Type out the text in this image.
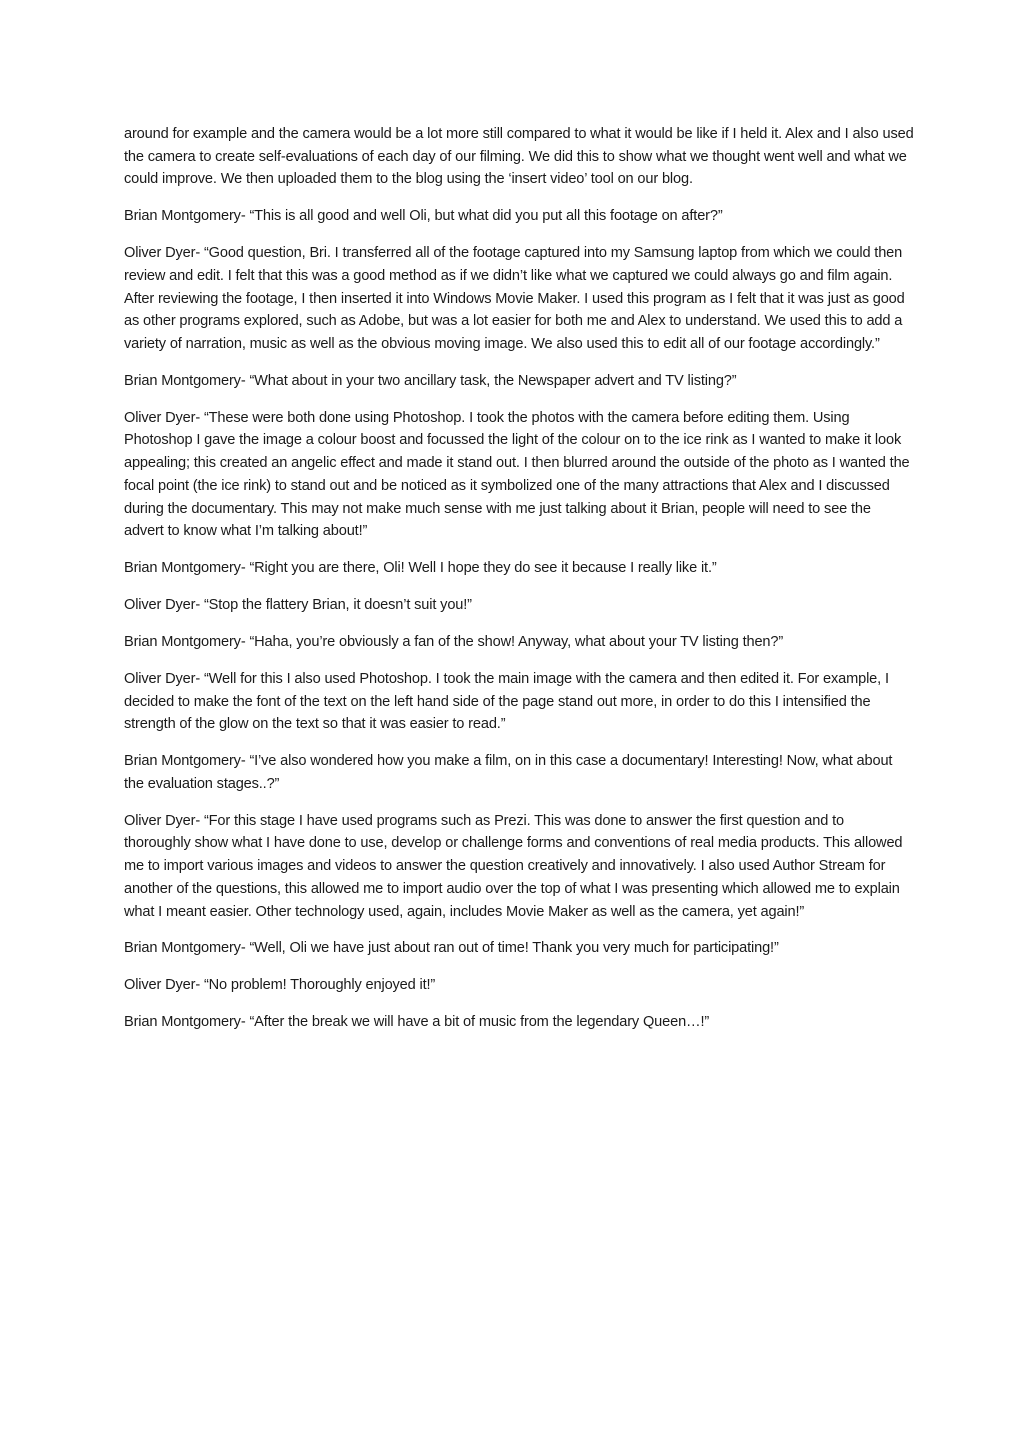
around for example and the camera would be a lot more still compared to what it would be like if I held it. Alex and I also used the camera to create self-evaluations of each day of our filming. We did this to show what we thought went well and what we could improve. We then uploaded them to the blog using the ‘insert video’ tool on our blog.

Brian Montgomery- “This is all good and well Oli, but what did you put all this footage on after?”

Oliver Dyer- “Good question, Bri. I transferred all of the footage captured into my Samsung laptop from which we could then review and edit. I felt that this was a good method as if we didn’t like what we captured we could always go and film again. After reviewing the footage, I then inserted it into Windows Movie Maker. I used this program as I felt that it was just as good as other programs explored, such as Adobe, but was a lot easier for both me and Alex to understand. We used this to add a variety of narration, music as well as the obvious moving image. We also used this to edit all of our footage accordingly.”

Brian Montgomery- “What about in your two ancillary task, the Newspaper advert and TV listing?”

Oliver Dyer- “These were both done using Photoshop. I took the photos with the camera before editing them. Using Photoshop I gave the image a colour boost and focussed the light of the colour on to the ice rink as I wanted to make it look appealing; this created an angelic effect and made it stand out. I then blurred around the outside of the photo as I wanted the focal point (the ice rink) to stand out and be noticed as it symbolized one of the many attractions that Alex and I discussed during the documentary. This may not make much sense with me just talking about it Brian, people will need to see the advert to know what I’m talking about!”

Brian Montgomery- “Right you are there, Oli! Well I hope they do see it because I really like it.”

Oliver Dyer- “Stop the flattery Brian, it doesn’t suit you!”

Brian Montgomery- “Haha, you’re obviously a fan of the show! Anyway, what about your TV listing then?”

Oliver Dyer- “Well for this I also used Photoshop. I took the main image with the camera and then edited it. For example, I decided to make the font of the text on the left hand side of the page stand out more, in order to do this I intensified the strength of the glow on the text so that it was easier to read.”

Brian Montgomery- “I’ve also wondered how you make a film, on in this case a documentary! Interesting! Now, what about the evaluation stages..?”

Oliver Dyer- “For this stage I have used programs such as Prezi. This was done to answer the first question and to thoroughly show what I have done to use, develop or challenge forms and conventions of real media products. This allowed me to import various images and videos to answer the question creatively and innovatively. I also used Author Stream for another of the questions, this allowed me to import audio over the top of what I was presenting which allowed me to explain what I meant easier. Other technology used, again, includes Movie Maker as well as the camera, yet again!”

Brian Montgomery- “Well, Oli we have just about ran out of time! Thank you very much for participating!”

Oliver Dyer- “No problem! Thoroughly enjoyed it!”

Brian Montgomery- “After the break we will have a bit of music from the legendary Queen…!”
